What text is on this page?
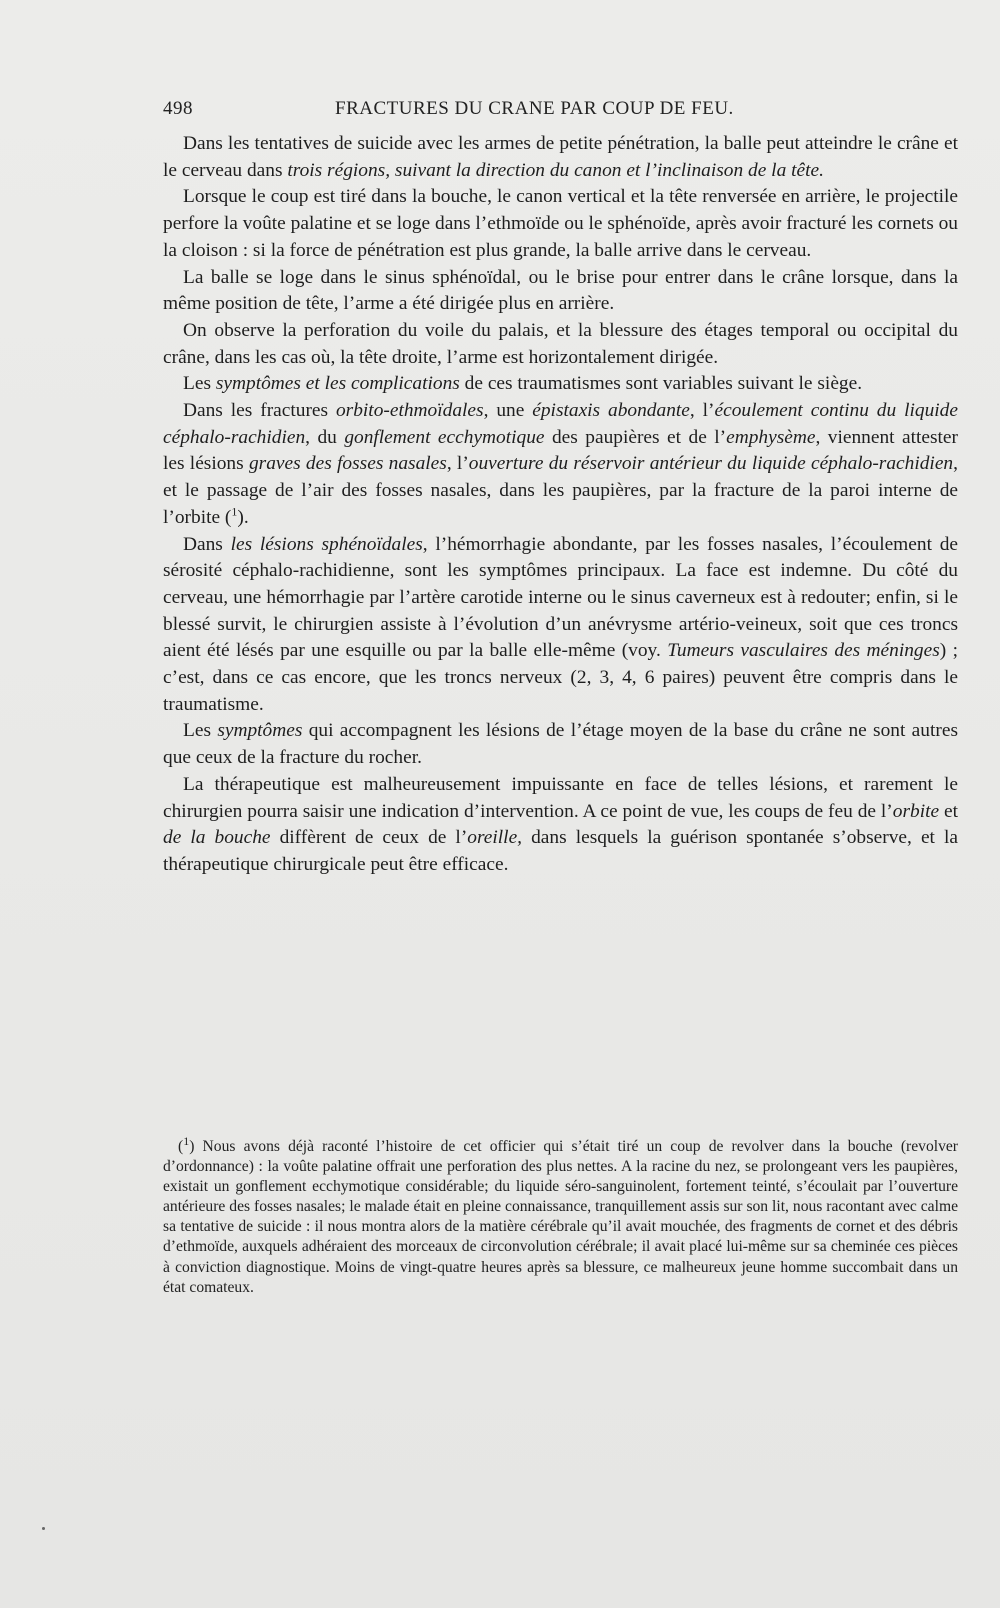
498	FRACTURES DU CRANE PAR COUP DE FEU.

Dans les tentatives de suicide avec les armes de petite pénétration, la balle peut atteindre le crâne et le cerveau dans trois régions, suivant la direction du canon et l’inclinaison de la tête.

Lorsque le coup est tiré dans la bouche, le canon vertical et la tête renversée en arrière, le projectile perfore la voûte palatine et se loge dans l’ethmoïde ou le sphénoïde, après avoir fracturé les cornets ou la cloison : si la force de pénétration est plus grande, la balle arrive dans le cerveau.

La balle se loge dans le sinus sphénoïdal, ou le brise pour entrer dans le crâne lorsque, dans la même position de tête, l’arme a été dirigée plus en arrière.

On observe la perforation du voile du palais, et la blessure des étages temporal ou occipital du crâne, dans les cas où, la tête droite, l’arme est horizontalement dirigée.

Les symptômes et les complications de ces traumatismes sont variables suivant le siège.

Dans les fractures orbito-ethmoïdales, une épistaxis abondante, l’écoulement continu du liquide céphalo-rachidien, du gonflement ecchymotique des paupières et de l’emphysème, viennent attester les lésions graves des fosses nasales, l’ouverture du réservoir antérieur du liquide céphalo-rachidien, et le passage de l’air des fosses nasales, dans les paupières, par la fracture de la paroi interne de l’orbite ($^1$).

Dans les lésions sphénoïdales, l’hémorrhagie abondante, par les fosses nasales, l’écoulement de sérosité céphalo-rachidienne, sont les symptômes principaux. La face est indemne. Du côté du cerveau, une hémorrhagie par l’artère carotide interne ou le sinus caverneux est à redouter; enfin, si le blessé survit, le chirurgien assiste à l’évolution d’un anévrysme artério-veineux, soit que ces troncs aient été lésés par une esquille ou par la balle elle-même (voy. Tumeurs vasculaires des méninges) ; c’est, dans ce cas encore, que les troncs nerveux (2, 3, 4, 6 paires) peuvent être compris dans le traumatisme.

Les symptômes qui accompagnent les lésions de l’étage moyen de la base du crâne ne sont autres que ceux de la fracture du rocher.

La thérapeutique est malheureusement impuissante en face de telles lésions, et rarement le chirurgien pourra saisir une indication d’intervention. A ce point de vue, les coups de feu de l’orbite et de la bouche diffèrent de ceux de l’oreille, dans lesquels la guérison spontanée s’observe, et la thérapeutique chirurgicale peut être efficace.

($^1$) Nous avons déjà raconté l’histoire de cet officier qui s’était tiré un coup de revolver dans la bouche (revolver d’ordonnance) : la voûte palatine offrait une perforation des plus nettes. A la racine du nez, se prolongeant vers les paupières, existait un gonflement ecchymotique considérable; du liquide séro-sanguinolent, fortement teinté, s’écoulait par l’ouverture antérieure des fosses nasales; le malade était en pleine connaissance, tranquillement assis sur son lit, nous racontant avec calme sa tentative de suicide : il nous montra alors de la matière cérébrale qu’il avait mouchée, des fragments de cornet et des débris d’ethmoïde, auxquels adhéraient des morceaux de circonvolution cérébrale; il avait placé lui-même sur sa cheminée ces pièces à conviction diagnostique. Moins de vingt-quatre heures après sa blessure, ce malheureux jeune homme succombait dans un état comateux.
